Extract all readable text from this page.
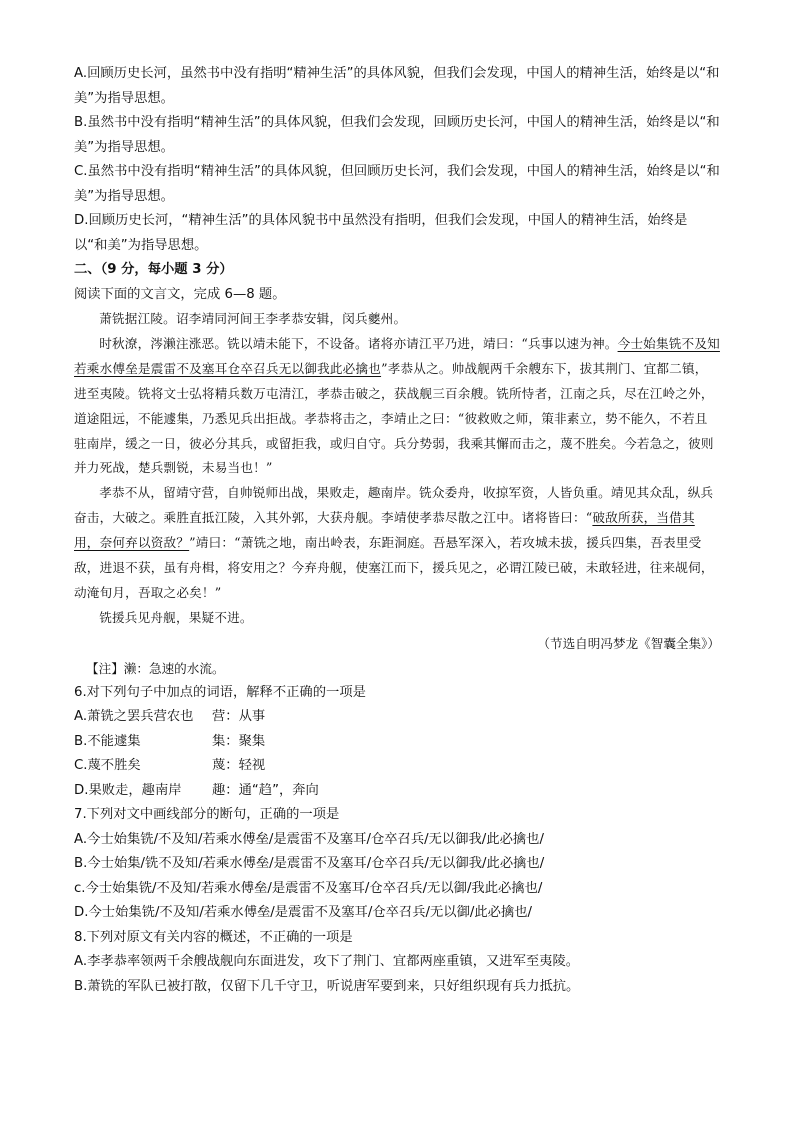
A.回顾历史长河，虽然书中没有指明“精神生活”的具体风貌，但我们会发现，中国人的精神生活，始终是以“和美”为指导思想。

B.虽然书中没有指明“精神生活”的具体风貌，但我们会发现，回顾历史长河，中国人的精神生活，始终是以“和美”为指导思想。

C.虽然书中没有指明“精神生活”的具体风貌，但回顾历史长河，我们会发现，中国人的精神生活，始终是以“和美”为指导思想。

D.回顾历史长河，“精神生活”的具体风貌书中虽然没有指明，但我们会发现，中国人的精神生活，始终是以“和美”为指导思想。

二、（9 分，每小题 3 分）

阅读下面的文言文，完成 6—8 题。

萧铣据江陵。诏李靖同河间王李孝恭安辑，闵兵夔州。

时秋潦，涔濑注涨恶。铣以靖未能下，不设备。诸将亦请江平乃进，靖曰：“兵事以速为神。今士始集铣不及知若乘水傅垒是震雷不及塞耳仓卒召兵无以御我此必擒也”孝恭从之。帅战舰两千余艘东下，拔其荆门、宜都二镇，进至夷陵。铣将文士弘将精兵数万屯清江，孝恭击破之，获战舰三百余艘。铣所恃者，江南之兵，尽在江岭之外，道途阻远，不能遽集，乃悉见兵出拒战。孝恭将击之，李靖止之曰：“彼救败之师，策非素立，势不能久，不若且驻南岸，缓之一日，彼必分其兵，或留拒我，或归自守。兵分势弱，我乘其懈而击之，蔑不胜矣。今若急之，彼则并力死战，楚兵剽锐，未易当也！”

孝恭不从，留靖守营，自帅锐师出战，果败走，趣南岸。铣众委舟，收掠军资，人皆负重。靖见其众乱，纵兵奋击，大破之。乘胜直抵江陵，入其外郭，大获舟舰。李靖使孝恭尽散之江中。诸将皆曰：“破敌所获，当借其用，奈何弃以资敌？”靖曰：“萧铣之地，南出岭表，东距洞庭。吾悬军深入，若攻城未拔，援兵四集，吾表里受敌，进退不获，虽有舟楫，将安用之？今弃舟舰，使塞江而下，援兵见之，必谓江陵已破，未敢轻进，往来觇伺，动淹旬月，吾取之必矣！”

铣援兵见舟舰，果疑不进。

（节选自明冯梦龙《智囊全集》）

【注】濑：急速的水流。

6.对下列句子中加点的词语，解释不正确的一项是

A.萧铣之罢兵营农也	营：从事
B.不能遽集	集：聚集
C.蔑不胜矣	蔑：轻视
D.果败走，趣南岸	趣：通“趋”，奔向

7.下列对文中画线部分的断句，正确的一项是

A.今士始集铣/不及知/若乘水傅垒/是震雷不及塞耳/仓卒召兵/无以御我/此必擒也/

B.今士始集/铣不及知/若乘水傅垒/是震雷不及塞耳/仓卒召兵/无以御我/此必擒也/

c.今士始集铣/不及知/若乘水傅垒/是震雷不及塞耳/仓卒召兵/无以御/我此必擒也/

D.今士始集铣/不及知/若乘水傅垒/是震雷不及塞耳/仓卒召兵/无以御/此必擒也/

8.下列对原文有关内容的概述，不正确的一项是

A.李孝恭率领两千余艘战舰向东面进发，攻下了荆门、宜都两座重镇，又进军至夷陵。

B.萧铣的军队已被打散，仅留下几千守卫，听说唐军要到来，只好组织现有兵力抵抗。
